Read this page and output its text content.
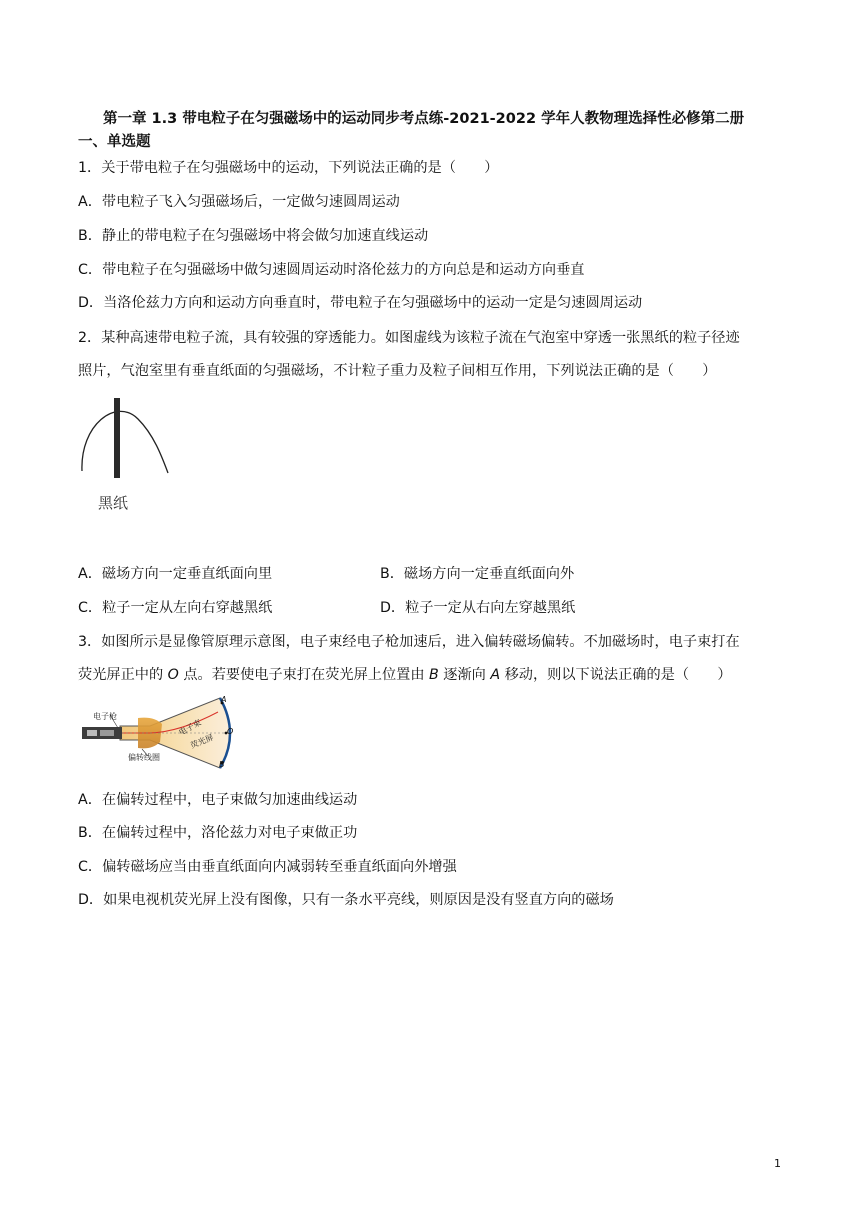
第一章 1.3 带电粒子在匀强磁场中的运动同步考点练-2021-2022 学年人教物理选择性必修第二册
一、单选题
1．关于带电粒子在匀强磁场中的运动，下列说法正确的是（　　）
A．带电粒子飞入匀强磁场后，一定做匀速圆周运动
B．静止的带电粒子在匀强磁场中将会做匀加速直线运动
C．带电粒子在匀强磁场中做匀速圆周运动时洛伦兹力的方向总是和运动方向垂直
D．当洛伦兹力方向和运动方向垂直时，带电粒子在匀强磁场中的运动一定是匀速圆周运动
2．某种高速带电粒子流，具有较强的穿透能力。如图虚线为该粒子流在气泡室中穿透一张黑纸的粒子径迹
照片，气泡室里有垂直纸面的匀强磁场，不计粒子重力及粒子间相互作用，下列说法正确的是（　　）
黑纸
A．磁场方向一定垂直纸面向里	B．磁场方向一定垂直纸面向外
C．粒子一定从左向右穿越黑纸	D．粒子一定从右向左穿越黑纸
3．如图所示是显像管原理示意图，电子束经电子枪加速后，进入偏转磁场偏转。不加磁场时，电子束打在
荧光屏正中的 O 点。若要使电子束打在荧光屏上位置由 B 逐渐向 A 移动，则以下说法正确的是（　　）
电子枪
电子束
荧光屏
偏转线圈
A
O
B
A．在偏转过程中，电子束做匀加速曲线运动
B．在偏转过程中，洛伦兹力对电子束做正功
C．偏转磁场应当由垂直纸面向内减弱转至垂直纸面向外增强
D．如果电视机荧光屏上没有图像，只有一条水平亮线，则原因是没有竖直方向的磁场
1
